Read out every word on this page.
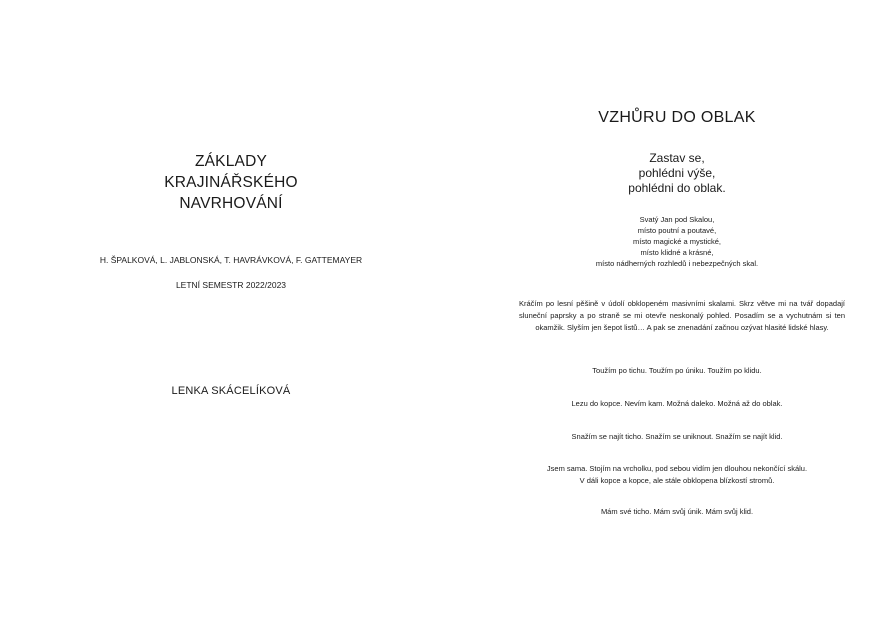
ZÁKLADY
KRAJINÁŘSKÉHO
NAVRHOVÁNÍ
H. ŠPALKOVÁ, L. JABLONSKÁ, T. HAVRÁVKOVÁ, F. GATTEMAYER
LETNÍ SEMESTR 2022/2023
LENKA SKÁCELÍKOVÁ
VZHŮRU DO OBLAK
Zastav se,
pohlédni výše,
pohlédni do oblak.
Svatý Jan pod Skalou,
místo poutní a poutavé,
místo magické a mystické,
místo klidné a krásné,
místo nádherných rozhledů i nebezpečných skal.
Kráčím po lesní pěšině v údolí obklopeném masivními skalami. Skrz větve mi na tvář dopadají sluneční paprsky a po straně se mi otevře neskonalý pohled. Posadím se a vychutnám si ten okamžik. Slyším jen šepot listů… A pak se znenadání začnou ozývat hlasité lidské hlasy.
Toužím po tichu. Toužím po úniku. Toužím po klidu.
Lezu do kopce. Nevím kam. Možná daleko. Možná až do oblak.
Snažím se najít ticho. Snažím se uniknout. Snažím se najít klid.
Jsem sama. Stojím na vrcholku, pod sebou vidím jen dlouhou nekončící skálu.
V dáli kopce a kopce, ale stále obklopena blízkostí stromů.
Mám své ticho. Mám svůj únik. Mám svůj klid.
